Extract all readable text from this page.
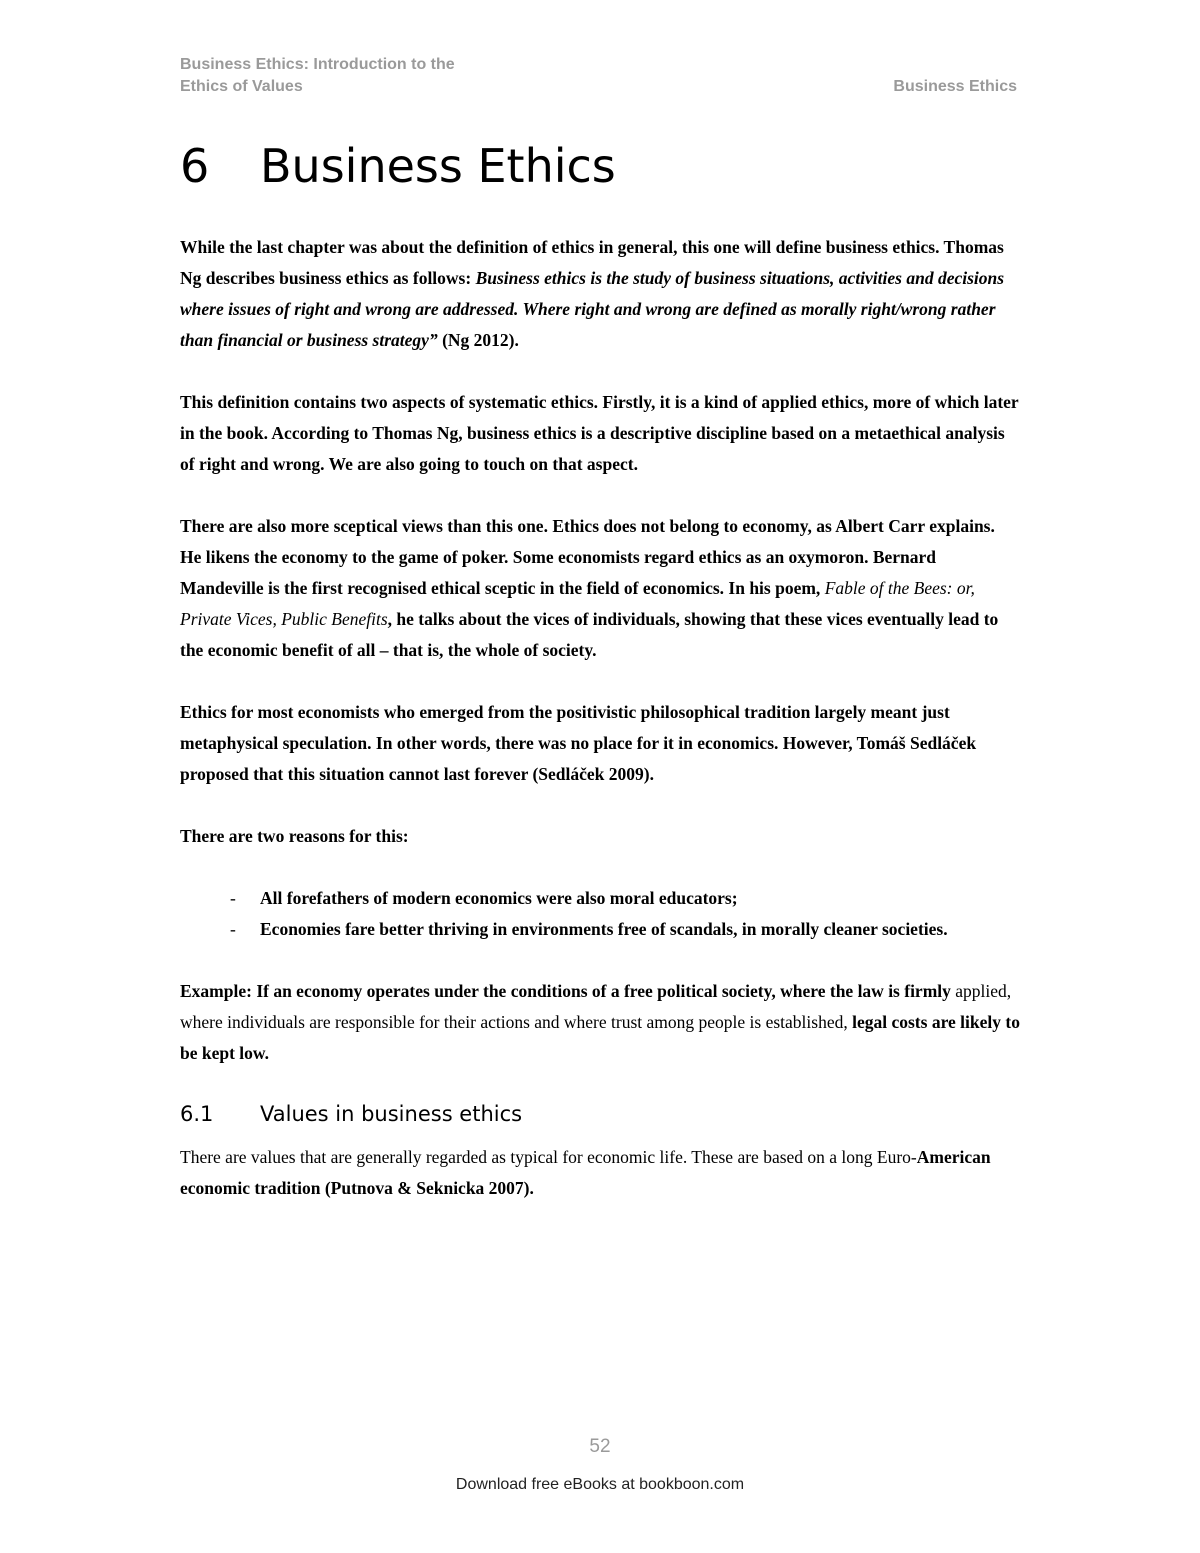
Business Ethics: Introduction to the
Ethics of Values	Business Ethics
6 Business Ethics

While the last chapter was about the definition of ethics in general, this one will define business ethics. Thomas Ng describes business ethics as follows: Business ethics is the study of business situations, activities and decisions where issues of right and wrong are addressed. Where right and wrong are defined as morally right/wrong rather than financial or business strategy” (Ng 2012).

This definition contains two aspects of systematic ethics. Firstly, it is a kind of applied ethics, more of which later in the book. According to Thomas Ng, business ethics is a descriptive discipline based on a metaethical analysis of right and wrong. We are also going to touch on that aspect.

There are also more sceptical views than this one. Ethics does not belong to economy, as Albert Carr explains. He likens the economy to the game of poker. Some economists regard ethics as an oxymoron. Bernard Mandeville is the first recognised ethical sceptic in the field of economics. In his poem, Fable of the Bees: or, Private Vices, Public Benefits, he talks about the vices of individuals, showing that these vices eventually lead to the economic benefit of all – that is, the whole of society.

Ethics for most economists who emerged from the positivistic philosophical tradition largely meant just metaphysical speculation. In other words, there was no place for it in economics. However, Tomáš Sedláček proposed that this situation cannot last forever (Sedláček 2009).

There are two reasons for this:

- All forefathers of modern economics were also moral educators;
- Economies fare better thriving in environments free of scandals, in morally cleaner societies.

Example: If an economy operates under the conditions of a free political society, where the law is firmly applied, where individuals are responsible for their actions and where trust among people is established, legal costs are likely to be kept low.

6.1 Values in business ethics

There are values that are generally regarded as typical for economic life. These are based on a long Euro-American economic tradition (Putnova & Seknicka 2007).

52
Download free eBooks at bookboon.com
